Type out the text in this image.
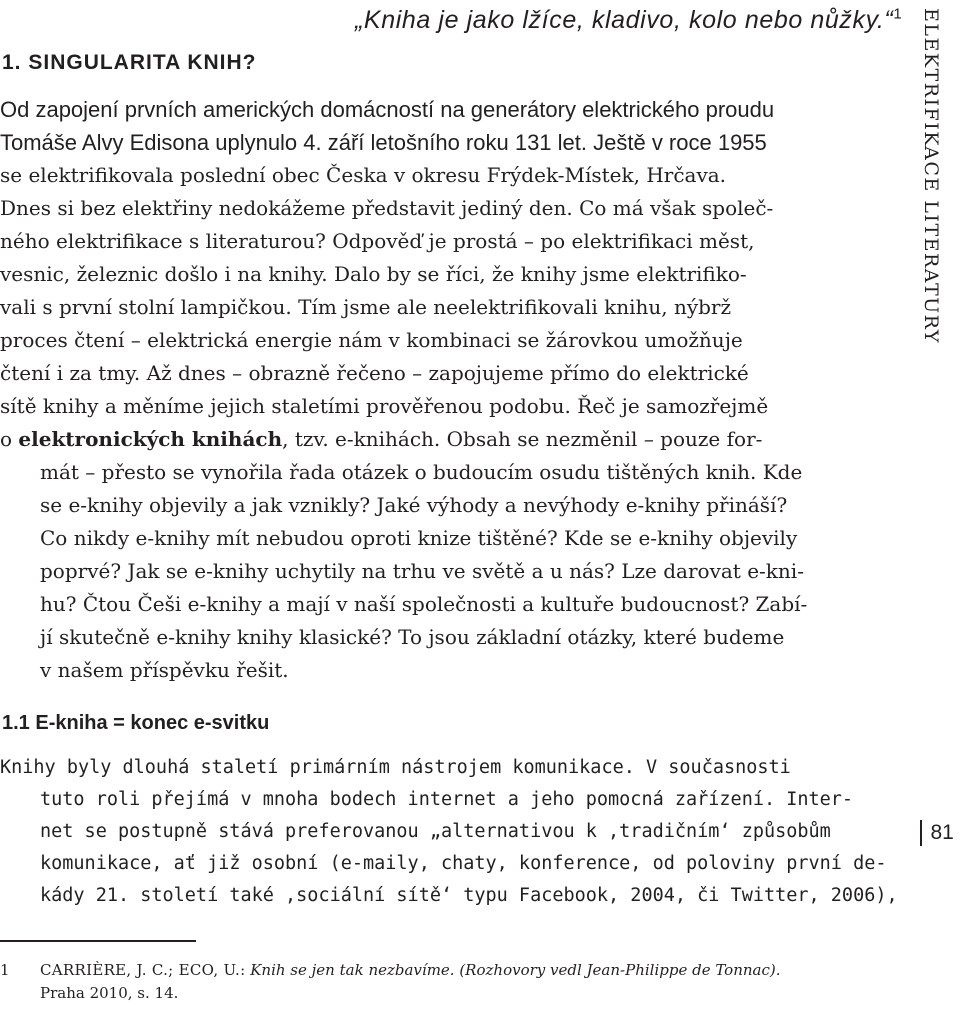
„Kniha je jako lžíce, kladivo, kolo nebo nůžky.“$^1$
1. SINGULARITA KNIH?	ELEKTRIFIKACE LITERATURY
Od zapojení prvních amerických domácností na generátory elektrického proudu
Tomáše Alvy Edisona uplynulo 4. září letošního roku 131 let. Ještě v roce 1955
se elektrifikovala poslední obec Česka v okresu Frýdek-Místek, Hrčava.
Dnes si bez elektřiny nedokážeme představit jediný den. Co má však společ-
ného elektrifikace s literaturou? Odpověď je prostá – po elektrifikaci měst,
vesnic, železnic došlo i na knihy. Dalo by se říci, že knihy jsme elektrifiko-
vali s první stolní lampičkou. Tím jsme ale neelektrifikovali knihu, nýbrž
proces čtení – elektrická energie nám v kombinaci se žárovkou umožňuje
čtení i za tmy. Až dnes – obrazně řečeno – zapojujeme přímo do elektrické
sítě knihy a měníme jejich staletími prověřenou podobu. Řeč je samozřejmě
o elektronických knihách, tzv. e-knihách. Obsah se nezměnil – pouze for-
mát – přesto se vynořila řada otázek o budoucím osudu tištěných knih. Kde
se e-knihy objevily a jak vznikly? Jaké výhody a nevýhody e-knihy přináší?
Co nikdy e-knihy mít nebudou oproti knize tištěné? Kde se e-knihy objevily
poprvé? Jak se e-knihy uchytily na trhu ve světě a u nás? Lze darovat e-kni-
hu? Čtou Češi e-knihy a mají v naší společnosti a kultuře budoucnost? Zabí-
jí skutečně e-knihy knihy klasické? To jsou základní otázky, které budeme
v našem příspěvku řešit.
1.1 E-kniha = konec e-svitku
Knihy byly dlouhá staletí primárním nástrojem komunikace. V současnosti
tuto roli přejímá v mnoha bodech internet a jeho pomocná zařízení. Inter-
net se postupně stává preferovanou „alternativou k ‚tradičním‘ způsobům
komunikace, ať již osobní (e-maily, chaty, konference, od poloviny první de-
kády 21. století také ‚sociální sítě‘ typu Facebook, 2004, či Twitter, 2006),
81
1 CARRIÈRE, J. C.; ECO, U.: Knih se jen tak nezbavíme. (Rozhovory vedl Jean-Philippe de Tonnac).
Praha 2010, s. 14.
